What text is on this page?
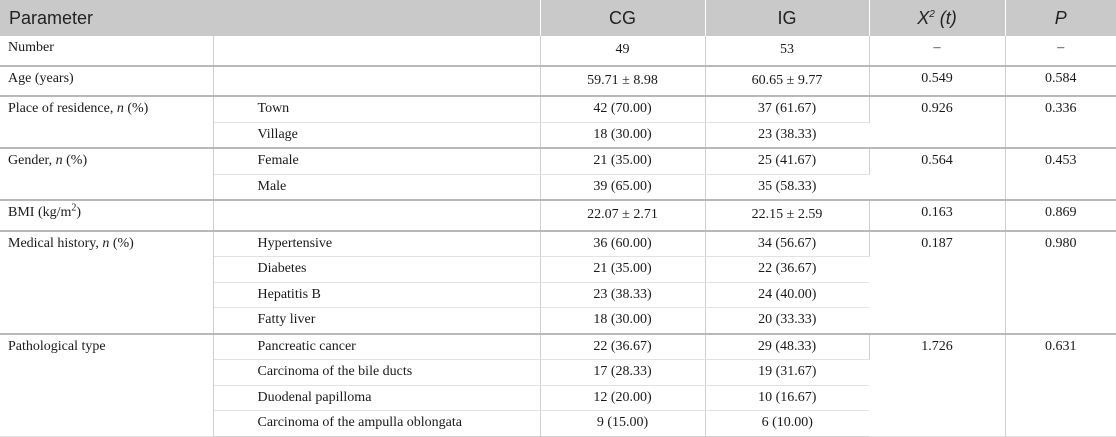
Parameter		CG	IG	$X^2$ (t)	P
Number		49	53	–	–
Age (years)		59.71 ± 8.98	60.65 ± 9.77	0.549	0.584
Place of residence, n (%)	Town	42 (70.00)	37 (61.67)	0.926	0.336
	Village	18 (30.00)	23 (38.33)		
Gender, n (%)	Female	21 (35.00)	25 (41.67)	0.564	0.453
	Male	39 (65.00)	35 (58.33)		
BMI $(kg/m^2)$		22.07 ± 2.71	22.15 ± 2.59	0.163	0.869
Medical history, n (%)	Hypertensive	36 (60.00)	34 (56.67)	0.187	0.980
	Diabetes	21 (35.00)	22 (36.67)		
	Hepatitis B	23 (38.33)	24 (40.00)		
	Fatty liver	18 (30.00)	20 (33.33)		
Pathological type	Pancreatic cancer	22 (36.67)	29 (48.33)	1.726	0.631
	Carcinoma of the bile ducts	17 (28.33)	19 (31.67)		
	Duodenal papilloma	12 (20.00)	10 (16.67)		
	Carcinoma of the ampulla oblongata	9 (15.00)	6 (10.00)		
